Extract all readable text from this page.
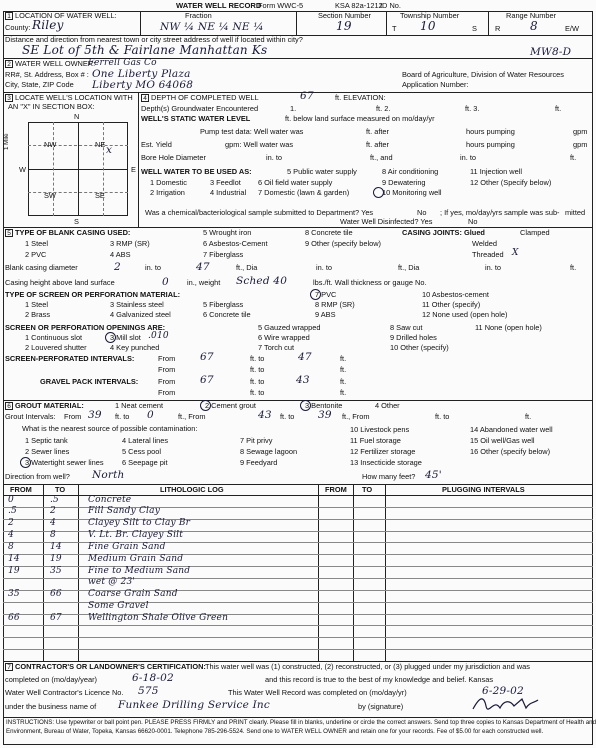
WATER WELL RECORD
Form WWC-5	KSA 82a-1212
ID No.
1 LOCATION OF WATER WELL:
County: Riley
Fraction
NW ¼ NE ¼ NE ¼
Section Number
19
Township Number
T 10	S
Range Number
R 8	E/W
Distance and direction from nearest town or city street address of well if located within city?
SE Lot of 5th & Fairlane Manhattan Ks	MW8-D
2 WATER WELL OWNER:
Ferrell Gas Co
RR#, St. Address, Box # : One Liberty Plaza
City, State, ZIP Code Liberty MO 64068
Board of Agriculture, Division of Water Resources
Application Number:
3 LOCATE WELL'S LOCATION WITH
AN "X" IN SECTION BOX:
N
S
W	E
1 Mile	NW	NE
SW	SE
x
4 DEPTH OF COMPLETED WELL	67	ft. ELEVATION:
Depth(s) Groundwater Encountered	1.	ft. 2.	ft. 3.	ft.
WELL'S STATIC WATER LEVEL	ft. below land surface measured on mo/day/yr
Pump test data: Well water was	ft. after	hours pumping	gpm
Est. Yield	gpm: Well water was	ft. after	hours pumping	gpm
Bore Hole Diameter	in. to	ft., and	in. to	ft.
WELL WATER TO BE USED AS:
1 Domestic
2 Irrigation
3 Feedlot
4 Industrial
5 Public water supply
6 Oil field water supply
7 Domestic (lawn & garden)
8 Air conditioning
9 Dewatering
10 Monitoring well
11 Injection well
12 Other (Specify below)
Was a chemical/bacteriological sample submitted to Department? Yes	No ; If yes, mo/day/yrs sample was sub- mitted
Water Well Disinfected? Yes	No
5 TYPE OF BLANK CASING USED:
1 Steel
2 PVC
3 RMP (SR)
4 ABS
5 Wrought iron
6 Asbestos-Cement
7 Fiberglass
8 Concrete tile
9 Other (specify below)
CASING JOINTS: Glued	Clamped
Welded
Threaded X
Blank casing diameter	2	in. to	47	ft., Dia	in. to	ft., Dia	in. to	ft.
Casing height above land surface	0 in., weight Sched 40	lbs./ft. Wall thickness or gauge No.
TYPE OF SCREEN OR PERFORATION MATERIAL:
1 Steel
2 Brass
3 Stainless steel
4 Galvanized steel
5 Fiberglass
6 Concrete tile
7 PVC
8 RMP (SR)
9 ABS
10 Asbestos-cement
11 Other (specify)
12 None used (open hole)
SCREEN OR PERFORATION OPENINGS ARE:
1 Continuous slot
2 Louvered shutter
3 Mill slot .010
4 Key punched
5 Gauzed wrapped
6 Wire wrapped
7 Torch cut
8 Saw cut
9 Drilled holes
10 Other (specify)
11 None (open hole)
SCREEN-PERFORATED INTERVALS:	From 67	ft. to	47	ft.
From	ft. to	ft.
GRAVEL PACK INTERVALS:	From 67	ft. to	43	ft.
From	ft. to	ft.
6 GROUT MATERIAL:	1 Neat cement	2 Cement grout	3 Bentonite	4 Other
Grout Intervals: From 39 ft. to 0	ft., From	43 ft. to 39 ft., From	ft. to	ft.
What is the nearest source of possible contamination:
1 Septic tank
2 Sewer lines
3 Watertight sewer lines
4 Lateral lines
5 Cess pool
6 Seepage pit
7 Pit privy
8 Sewage lagoon
9 Feedyard
10 Livestock pens
11 Fuel storage
12 Fertilizer storage
13 Insecticide storage
14 Abandoned water well
15 Oil well/Gas well
16 Other (specify below)
Direction from well? North	How many feet? 45'
FROM	TO	LITHOLOGIC LOG	FROM TO	PLUGGING INTERVALS
0	.5	Concrete
.5	2	Fill Sandy Clay
2	4	Clayey Silt to Clay Br
4	8	V. Lt. Br. Clayey Silt
8	14	Fine Grain Sand
14	19	Medium Grain Sand
19	35	Fine to Medium Sand
wet @ 23'
35	66	Coarse Grain Sand
Some Gravel
66	67	Wellington Shale Olive Green
7 CONTRACTOR'S OR LANDOWNER'S CERTIFICATION: This water well was (1) constructed, (2) reconstructed, or (3) plugged under my jurisdiction and was
completed on (mo/day/year)	6-18-02	and this record is true to the best of my knowledge and belief. Kansas
Water Well Contractor's Licence No. 575	This Water Well Record was completed on (mo/day/yr)	6-29-02
under the business name of Funkee Drilling Service Inc	by (signature)
INSTRUCTIONS: Use typewriter or ball point pen. PLEASE PRESS FIRMLY and PRINT clearly. Please fill in blanks, underline or circle the correct answers. Send top three copies to Kansas Department of Health and
Environment, Bureau of Water, Topeka, Kansas 66620-0001. Telephone 785-296-5524. Send one to WATER WELL OWNER and retain one for your records. Fee of $5.00 for each constructed well.
